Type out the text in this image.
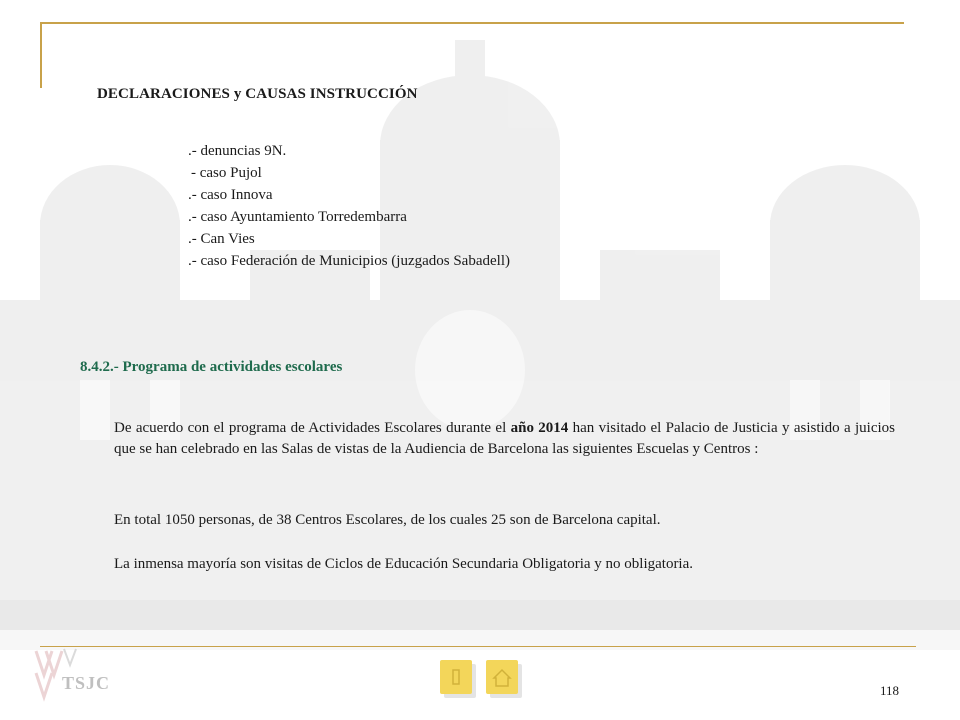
DECLARACIONES y CAUSAS INSTRUCCIÓN
.- denuncias 9N.
- caso Pujol
.- caso Innova
.- caso Ayuntamiento Torredembarra
.- Can Vies
.- caso Federación de Municipios (juzgados Sabadell)
8.4.2.- Programa de actividades escolares

De acuerdo con el programa de Actividades Escolares durante el año 2014 han visitado el Palacio de Justicia y asistido a juicios que se han celebrado en las Salas de vistas de la Audiencia de Barcelona las siguientes Escuelas y Centros :

En total 1050 personas, de 38 Centros Escolares, de los cuales 25 son de Barcelona capital.

La inmensa mayoría son visitas de Ciclos de Educación Secundaria Obligatoria y no obligatoria.

TSJC	118
